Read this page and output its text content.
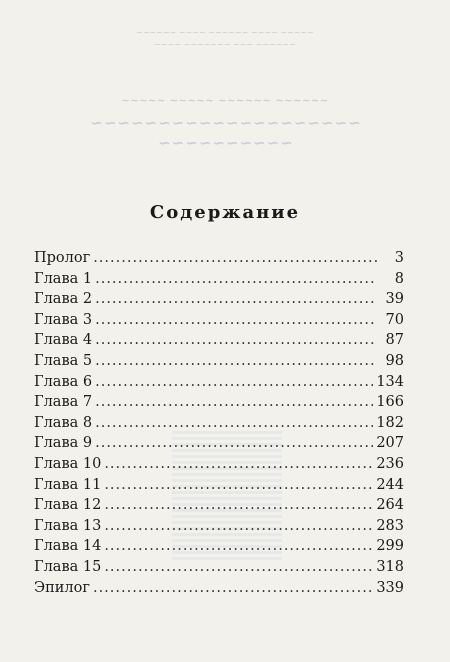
~~~~~~ ~~~~ ~~~~~~ ~~~~ ~~~~~
~~~~ ~~~~~~~ ~~~ ~~~~~~
~~~~~ ~~~~~ ~~~~~~ ~~~~~~
~~~~~~~~~~~~~~~~~~~~
~~~~~~~~~~
Содержание
Пролог .....	3
Глава 1 .....	8
Глава 2 .....	39
Глава 3 .....	70
Глава 4 .....	87
Глава 5 .....	98
Глава 6 .....	134
Глава 7 .....	166
Глава 8 .....	182
Глава 9 .....	207
Глава 10 .....	236
Глава 11 .....	244
Глава 12 .....	264
Глава 13 .....	283
Глава 14 .....	299
Глава 15 .....	318
Эпилог .....	339
